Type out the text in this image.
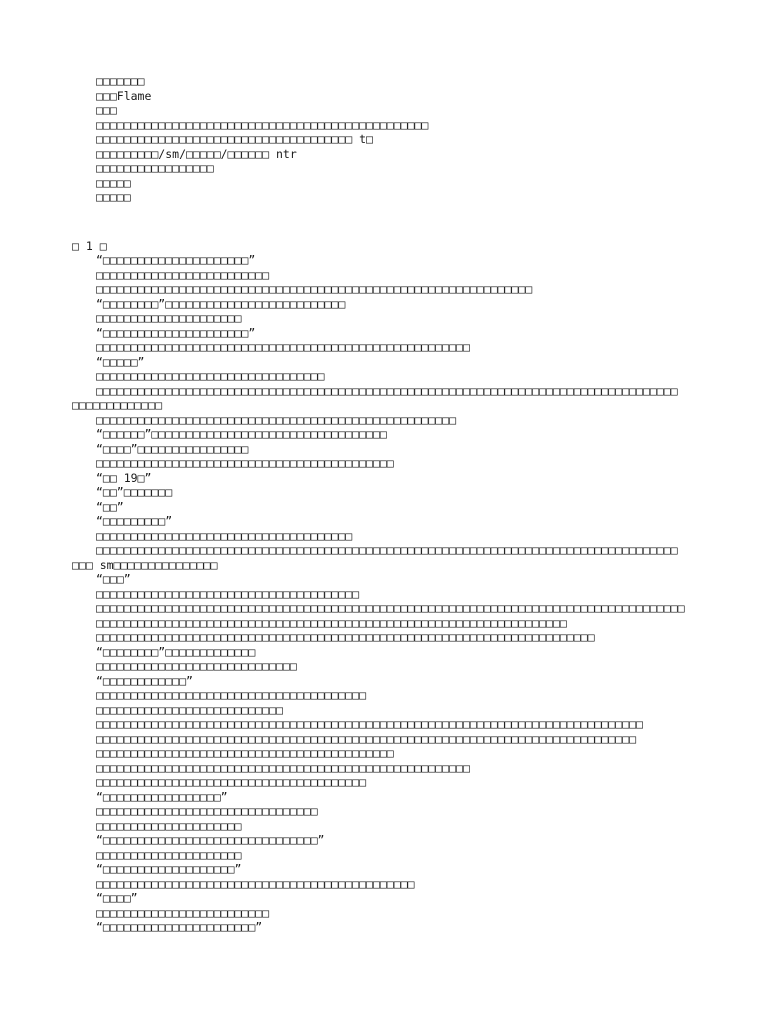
□□□□□□□
□□□Flame
□□□
□□□□□□□□□□□□□□□□□□□□□□□□□□□□□□□□□□□□□□□□□□□□□□□□
□□□□□□□□□□□□□□□□□□□□□□□□□□□□□□□□□□□□□ t□
□□□□□□□□□/sm/□□□□□/□□□□□□ ntr
□□□□□□□□□□□□□□□□□
□□□□□
□□□□□
□ 1 □
“□□□□□□□□□□□□□□□□□□□□□”
□□□□□□□□□□□□□□□□□□□□□□□□□
□□□□□□□□□□□□□□□□□□□□□□□□□□□□□□□□□□□□□□□□□□□□□□□□□□□□□□□□□□□□□□□
“□□□□□□□□”□□□□□□□□□□□□□□□□□□□□□□□□□□
□□□□□□□□□□□□□□□□□□□□□
“□□□□□□□□□□□□□□□□□□□□□”
□□□□□□□□□□□□□□□□□□□□□□□□□□□□□□□□□□□□□□□□□□□□□□□□□□□□□□
“□□□□□”
□□□□□□□□□□□□□□□□□□□□□□□□□□□□□□□□□
□□□□□□□□□□□□□□□□□□□□□□□□□□□□□□□□□□□□□□□□□□□□□□□□□□□□□□□□□□□□□□□□□□□□□□□□□□□□□□□□□□□□
□□□□□□□□□□□□□
□□□□□□□□□□□□□□□□□□□□□□□□□□□□□□□□□□□□□□□□□□□□□□□□□□□□
“□□□□□□”□□□□□□□□□□□□□□□□□□□□□□□□□□□□□□□□□□
“□□□□”□□□□□□□□□□□□□□□□
□□□□□□□□□□□□□□□□□□□□□□□□□□□□□□□□□□□□□□□□□□□
“□□ 19□”
“□□”□□□□□□□
“□□”
“□□□□□□□□□”
□□□□□□□□□□□□□□□□□□□□□□□□□□□□□□□□□□□□□
□□□□□□□□□□□□□□□□□□□□□□□□□□□□□□□□□□□□□□□□□□□□□□□□□□□□□□□□□□□□□□□□□□□□□□□□□□□□□□□□□□□□
□□□ sm□□□□□□□□□□□□□□□
“□□□”
□□□□□□□□□□□□□□□□□□□□□□□□□□□□□□□□□□□□□□
□□□□□□□□□□□□□□□□□□□□□□□□□□□□□□□□□□□□□□□□□□□□□□□□□□□□□□□□□□□□□□□□□□□□□□□□□□□□□□□□□□□□□
□□□□□□□□□□□□□□□□□□□□□□□□□□□□□□□□□□□□□□□□□□□□□□□□□□□□□□□□□□□□□□□□□□□□
□□□□□□□□□□□□□□□□□□□□□□□□□□□□□□□□□□□□□□□□□□□□□□□□□□□□□□□□□□□□□□□□□□□□□□□□
“□□□□□□□□”□□□□□□□□□□□□□
□□□□□□□□□□□□□□□□□□□□□□□□□□□□□
“□□□□□□□□□□□□”
□□□□□□□□□□□□□□□□□□□□□□□□□□□□□□□□□□□□□□□
□□□□□□□□□□□□□□□□□□□□□□□□□□□
□□□□□□□□□□□□□□□□□□□□□□□□□□□□□□□□□□□□□□□□□□□□□□□□□□□□□□□□□□□□□□□□□□□□□□□□□□□□□□□
□□□□□□□□□□□□□□□□□□□□□□□□□□□□□□□□□□□□□□□□□□□□□□□□□□□□□□□□□□□□□□□□□□□□□□□□□□□□□□
□□□□□□□□□□□□□□□□□□□□□□□□□□□□□□□□□□□□□□□□□□□
□□□□□□□□□□□□□□□□□□□□□□□□□□□□□□□□□□□□□□□□□□□□□□□□□□□□□□
□□□□□□□□□□□□□□□□□□□□□□□□□□□□□□□□□□□□□□□
“□□□□□□□□□□□□□□□□□”
□□□□□□□□□□□□□□□□□□□□□□□□□□□□□□□□
□□□□□□□□□□□□□□□□□□□□□
“□□□□□□□□□□□□□□□□□□□□□□□□□□□□□□□”
□□□□□□□□□□□□□□□□□□□□□
“□□□□□□□□□□□□□□□□□□□”
□□□□□□□□□□□□□□□□□□□□□□□□□□□□□□□□□□□□□□□□□□□□□□
“□□□□”
□□□□□□□□□□□□□□□□□□□□□□□□□
“□□□□□□□□□□□□□□□□□□□□□□”
